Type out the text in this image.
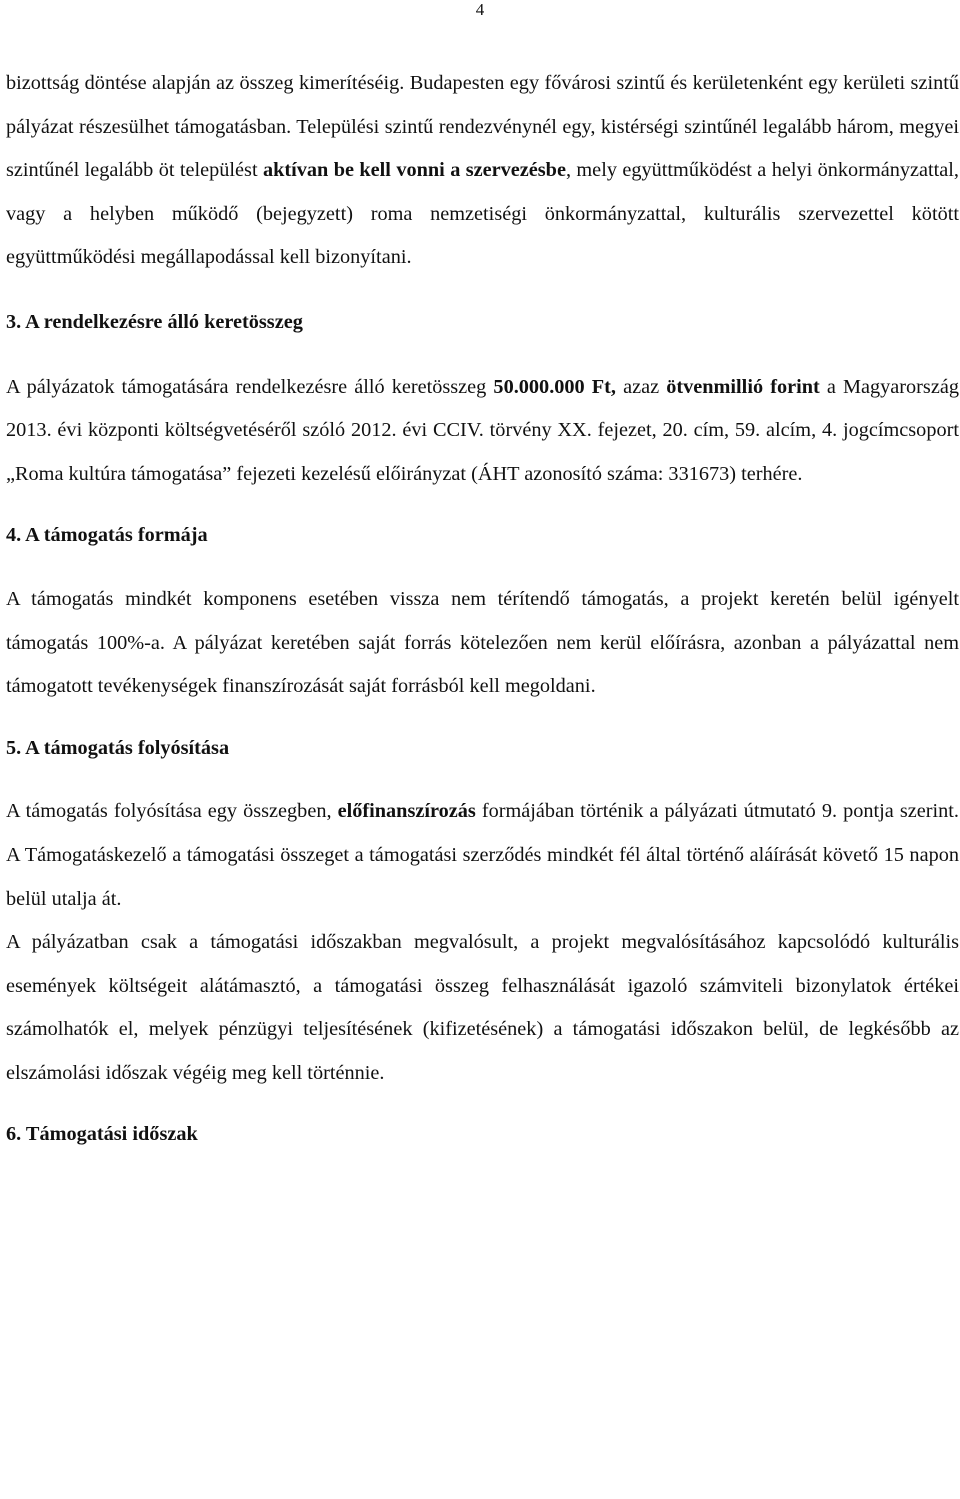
4

bizottság döntése alapján az összeg kimerítéséig. Budapesten egy fővárosi szintű és kerületenként egy kerületi szintű pályázat részesülhet támogatásban. Települési szintű rendezvénynél egy, kistérségi szintűnél legalább három, megyei szintűnél legalább öt települést aktívan be kell vonni a szervezésbe, mely együttműködést a helyi önkormányzattal, vagy a helyben működő (bejegyzett) roma nemzetiségi önkormányzattal, kulturális szervezettel kötött együttműködési megállapodással kell bizonyítani.

3. A rendelkezésre álló keretösszeg

A pályázatok támogatására rendelkezésre álló keretösszeg 50.000.000 Ft, azaz ötvenmillió forint a Magyarország 2013. évi központi költségvetéséről szóló 2012. évi CCIV. törvény XX. fejezet, 20. cím, 59. alcím, 4. jogcímcsoport „Roma kultúra támogatása” fejezeti kezelésű előirányzat (ÁHT azonosító száma: 331673) terhére.

4. A támogatás formája

A támogatás mindkét komponens esetében vissza nem térítendő támogatás, a projekt keretén belül igényelt támogatás 100%-a. A pályázat keretében saját forrás kötelezően nem kerül előírásra, azonban a pályázattal nem támogatott tevékenységek finanszírozását saját forrásból kell megoldani.

5. A támogatás folyósítása

A támogatás folyósítása egy összegben, előfinanszírozás formájában történik a pályázati útmutató 9. pontja szerint. A Támogatáskezelő a támogatási összeget a támogatási szerződés mindkét fél által történő aláírását követő 15 napon belül utalja át.

A pályázatban csak a támogatási időszakban megvalósult, a projekt megvalósításához kapcsolódó kulturális események költségeit alátámasztó, a támogatási összeg felhasználását igazoló számviteli bizonylatok értékei számolhatók el, melyek pénzügyi teljesítésének (kifizetésének) a támogatási időszakon belül, de legkésőbb az elszámolási időszak végéig meg kell történnie.

6. Támogatási időszak
